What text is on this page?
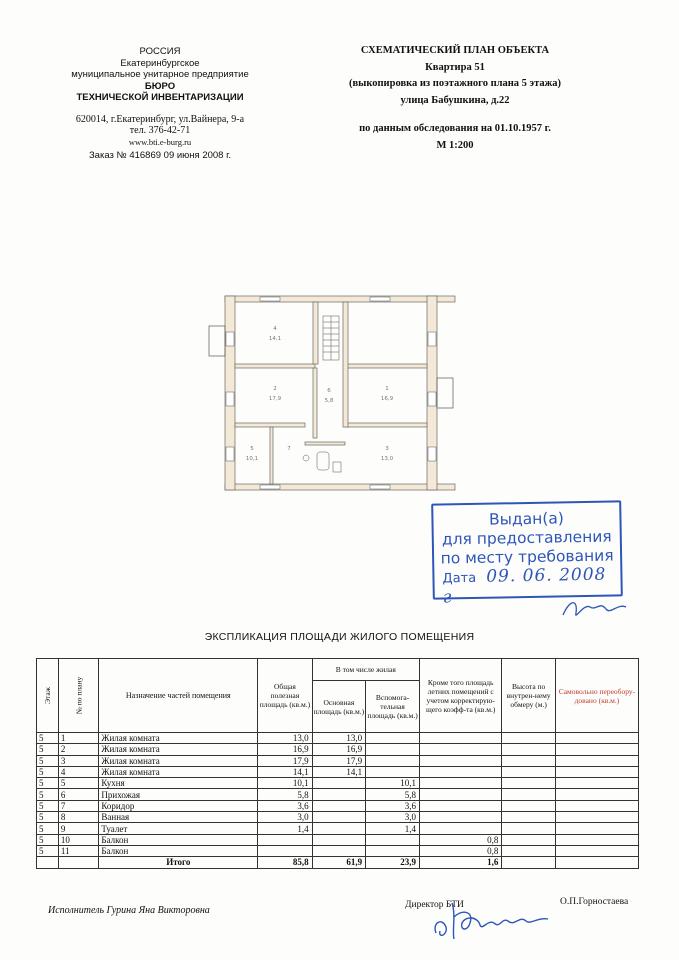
РОССИЯ
Екатеринбургское
муниципальное унитарное предприятие
БЮРО
ТЕХНИЧЕСКОЙ ИНВЕНТАРИЗАЦИИ
620014, г.Екатеринбург, ул.Вайнера, 9-а
тел. 376-42-71
www.bti.e-burg.ru
Заказ № 416869 09 июня 2008 г.
СХЕМАТИЧЕСКИЙ ПЛАН ОБЪЕКТА
Квартира 51
(выкопировка из поэтажного плана 5 этажа)
улица Бабушкина, д.22
по данным обследования на 01.10.1957 г.
М 1:200
4
14,1
2
17,9
1
16,9
5
10,1
3
13,0
6
5,8
7
Выдан(а)
для предоставления
по месту требования
Дата 09. 06. 2008 г
ЭКСПЛИКАЦИЯ ПЛОЩАДИ ЖИЛОГО ПОМЕЩЕНИЯ
Этаж	№ по плану	Назначение частей помещения	Общая полезная площадь (кв.м.)	В том числе жилая		Кроме того площадь летних помещений с учетом корректирую-щего коэфф-та (кв.м.)	Высота по внутрен-нему обмеру (м.)	Самовольно переобору-довано (кв.м.)
				Основная площадь (кв.м.)	Вспомога-тельная площадь (кв.м.)			
5	1	Жилая комната	13,0	13,0				
5	2	Жилая комната	16,9	16,9				
5	3	Жилая комната	17,9	17,9				
5	4	Жилая комната	14,1	14,1				
5	5	Кухня	10,1		10,1			
5	6	Прихожая	5,8		5,8			
5	7	Коридор	3,6		3,6			
5	8	Ванная	3,0		3,0			
5	9	Туалет	1,4		1,4			
5	10	Балкон				0,8		
5	11	Балкон				0,8		
		Итого	85,8	61,9	23,9	1,6		
Исполнитель Гурина Яна Викторовна	Директор БТИ	О.П.Горностаева
